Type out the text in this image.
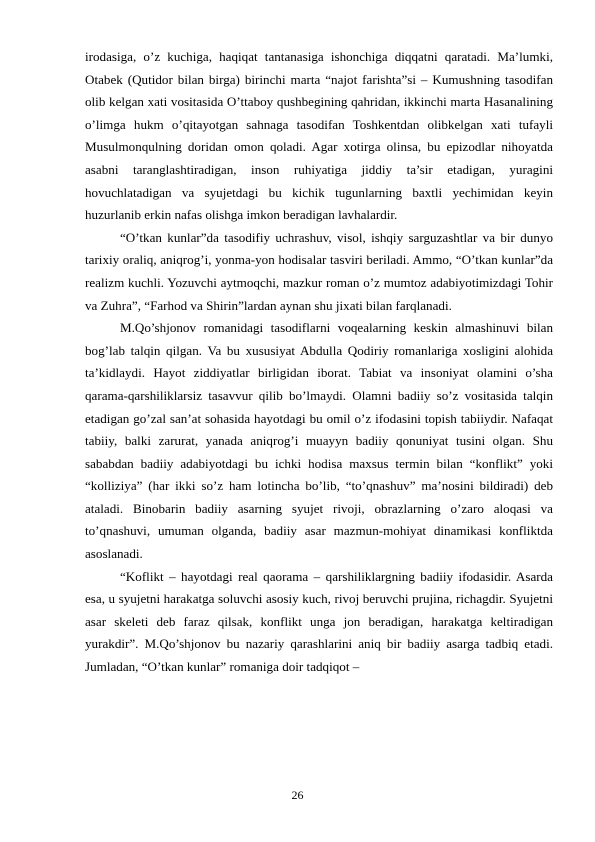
irodasiga, o’z kuchiga, haqiqat tantanasiga ishonchiga diqqatni qaratadi. Ma’lumki, Otabek (Qutidor bilan birga) birinchi marta “najot farishta”si – Kumushning tasodifan olib kelgan xati vositasida O’ttaboy qushbegining qahridan, ikkinchi marta Hasanalining o’limga hukm o’qitayotgan sahnaga tasodifan Toshkentdan olibkelgan xati tufayli Musulmonqulning doridan omon qoladi. Agar xotirga olinsa, bu epizodlar nihoyatda asabni taranglashtiradigan, inson ruhiyatiga jiddiy ta’sir etadigan, yuragini hovuchlatadigan va syujetdagi bu kichik tugunlarning baxtli yechimidan keyin huzurlanib erkin nafas olishga imkon beradigan lavhalardir.

“O’tkan kunlar”da tasodifiy uchrashuv, visol, ishqiy sarguzashtlar va bir dunyo tarixiy oraliq, aniqrog’i, yonma-yon hodisalar tasviri beriladi. Ammo, “O’tkan kunlar”da realizm kuchli. Yozuvchi aytmoqchi, mazkur roman o’z mumtoz adabiyotimizdagi Tohir va Zuhra”, “Farhod va Shirin”lardan aynan shu jixati bilan farqlanadi.

M.Qo’shjonov romanidagi tasodiflarni voqealarning keskin almashinuvi bilan bog’lab talqin qilgan. Va bu xususiyat Abdulla Qodiriy romanlariga xosligini alohida ta’kidlaydi. Hayot ziddiyatlar birligidan iborat. Tabiat va insoniyat olamini o’sha qarama-qarshiliklarsiz tasavvur qilib bo’lmaydi. Olamni badiiy so’z vositasida talqin etadigan go’zal san’at sohasida hayotdagi bu omil o’z ifodasini topish tabiiydir. Nafaqat tabiiy, balki zarurat, yanada aniqrog’i muayyn badiiy qonuniyat tusini olgan. Shu sababdan badiiy adabiyotdagi bu ichki hodisa maxsus termin bilan “konflikt” yoki “kolliziya” (har ikki so’z ham lotincha bo’lib, “to’qnashuv” ma’nosini bildiradi) deb ataladi. Binobarin badiiy asarning syujet rivoji, obrazlarning o’zaro aloqasi va to’qnashuvi, umuman olganda, badiiy asar mazmun-mohiyat dinamikasi konfliktda asoslanadi.

“Koflikt – hayotdagi real qaorama – qarshiliklargning badiiy ifodasidir. Asarda esa, u syujetni harakatga soluvchi asosiy kuch, rivoj beruvchi prujina, richagdir. Syujetni asar skeleti deb faraz qilsak, konflikt unga jon beradigan, harakatga keltiradigan yurakdir”. M.Qo’shjonov bu nazariy qarashlarini aniq bir badiiy asarga tadbiq etadi. Jumladan, “O’tkan kunlar” romaniga doir tadqiqot –

26
